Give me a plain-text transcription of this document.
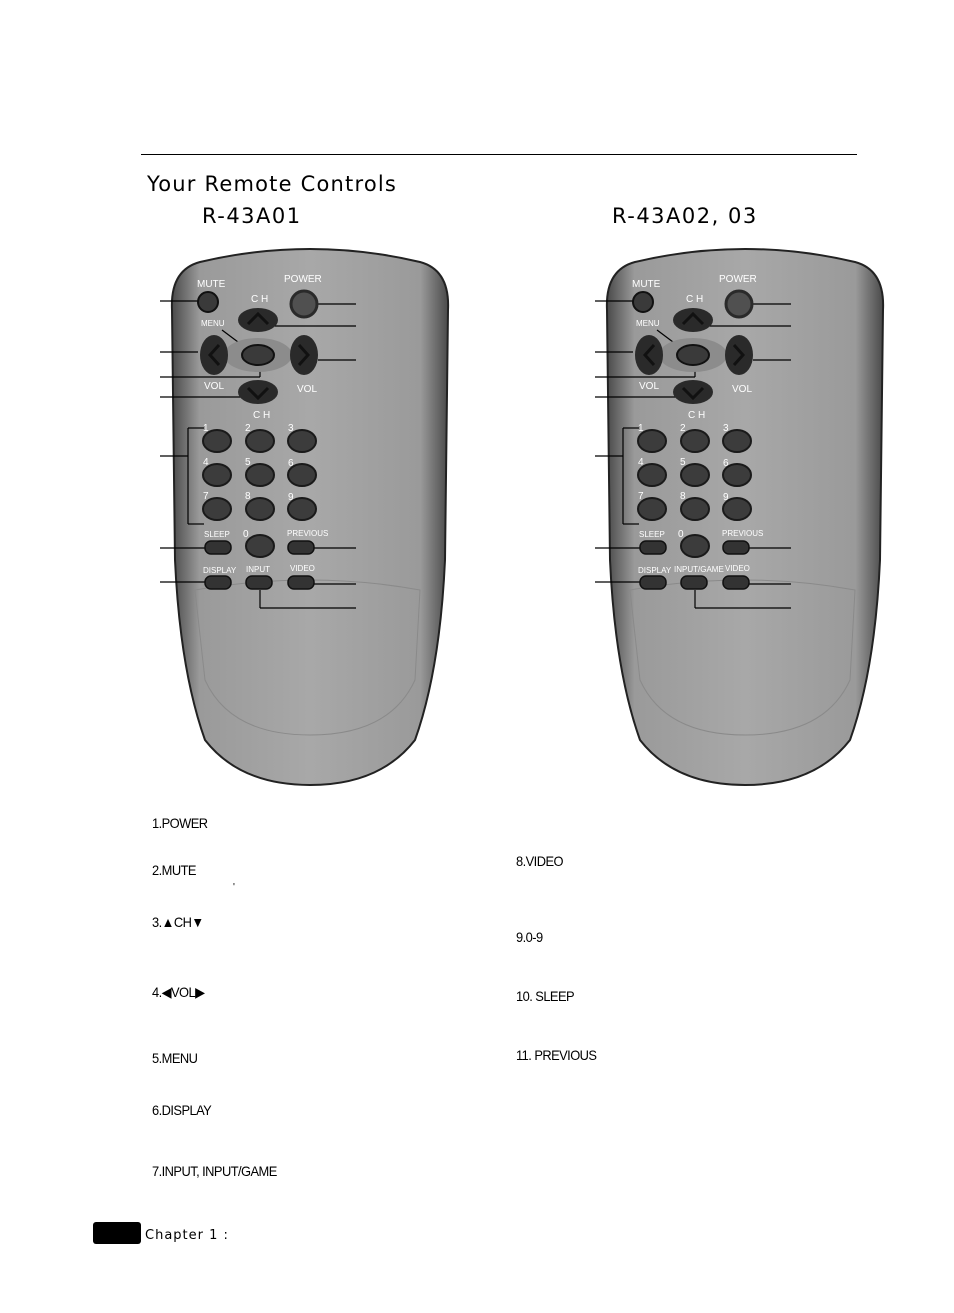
Your Remote Controls
R-43A01	R-43A02, 03
MUTE	POWER
C H
MENU
VOL	VOL
C H
1	2	3
4	5	6
7	8	9
SLEEP 0	PREVIOUS
DISPLAY INPUT	VIDEO
MUTE	POWER
C H
MENU
VOL	VOL
C H
1	2	3
4	5	6
7	8	9
SLEEP 0	PREVIOUS
DISPLAY INPUT/GAME VIDEO
1.POWER
2.MUTE
'
3.▲CH▼
4.◀VOL▶
5.MENU
6.DISPLAY
7.INPUT, INPUT/GAME
8.VIDEO
9.0-9
10. SLEEP
11. PREVIOUS
Chapter 1 :
